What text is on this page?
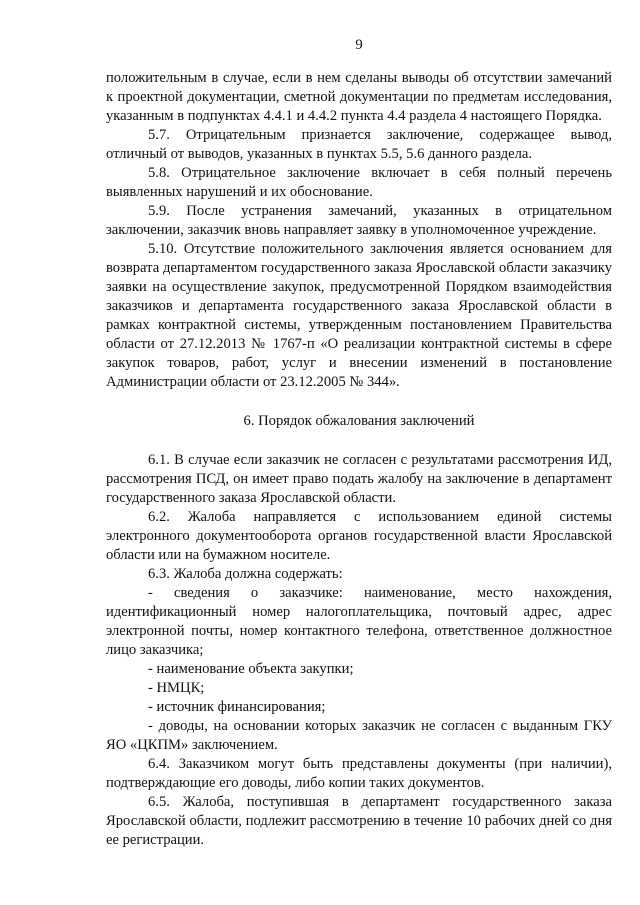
9

положительным в случае, если в нем сделаны выводы об отсутствии замечаний к проектной документации, сметной документации по предметам исследования, указанным в подпунктах 4.4.1 и 4.4.2 пункта 4.4 раздела 4 настоящего Порядка.

5.7. Отрицательным признается заключение, содержащее вывод, отличный от выводов, указанных в пунктах 5.5, 5.6 данного раздела.

5.8. Отрицательное заключение включает в себя полный перечень выявленных нарушений и их обоснование.

5.9. После устранения замечаний, указанных в отрицательном заключении, заказчик вновь направляет заявку в уполномоченное учреждение.

5.10. Отсутствие положительного заключения является основанием для возврата департаментом государственного заказа Ярославской области заказчику заявки на осуществление закупок, предусмотренной Порядком взаимодействия заказчиков и департамента государственного заказа Ярославской области в рамках контрактной системы, утвержденным постановлением Правительства области от 27.12.2013 № 1767-п «О реализации контрактной системы в сфере закупок товаров, работ, услуг и внесении изменений в постановление Администрации области от 23.12.2005 № 344».

6. Порядок обжалования заключений

6.1. В случае если заказчик не согласен с результатами рассмотрения ИД, рассмотрения ПСД, он имеет право подать жалобу на заключение в департамент государственного заказа Ярославской области.

6.2. Жалоба направляется с использованием единой системы электронного документооборота органов государственной власти Ярославской области или на бумажном носителе.

6.3. Жалоба должна содержать:

- сведения о заказчике: наименование, место нахождения, идентификационный номер налогоплательщика, почтовый адрес, адрес электронной почты, номер контактного телефона, ответственное должностное лицо заказчика;

- наименование объекта закупки;

- НМЦК;

- источник финансирования;

- доводы, на основании которых заказчик не согласен с выданным ГКУ ЯО «ЦКПМ» заключением.

6.4. Заказчиком могут быть представлены документы (при наличии), подтверждающие его доводы, либо копии таких документов.

6.5. Жалоба, поступившая в департамент государственного заказа Ярославской области, подлежит рассмотрению в течение 10 рабочих дней со дня ее регистрации.
